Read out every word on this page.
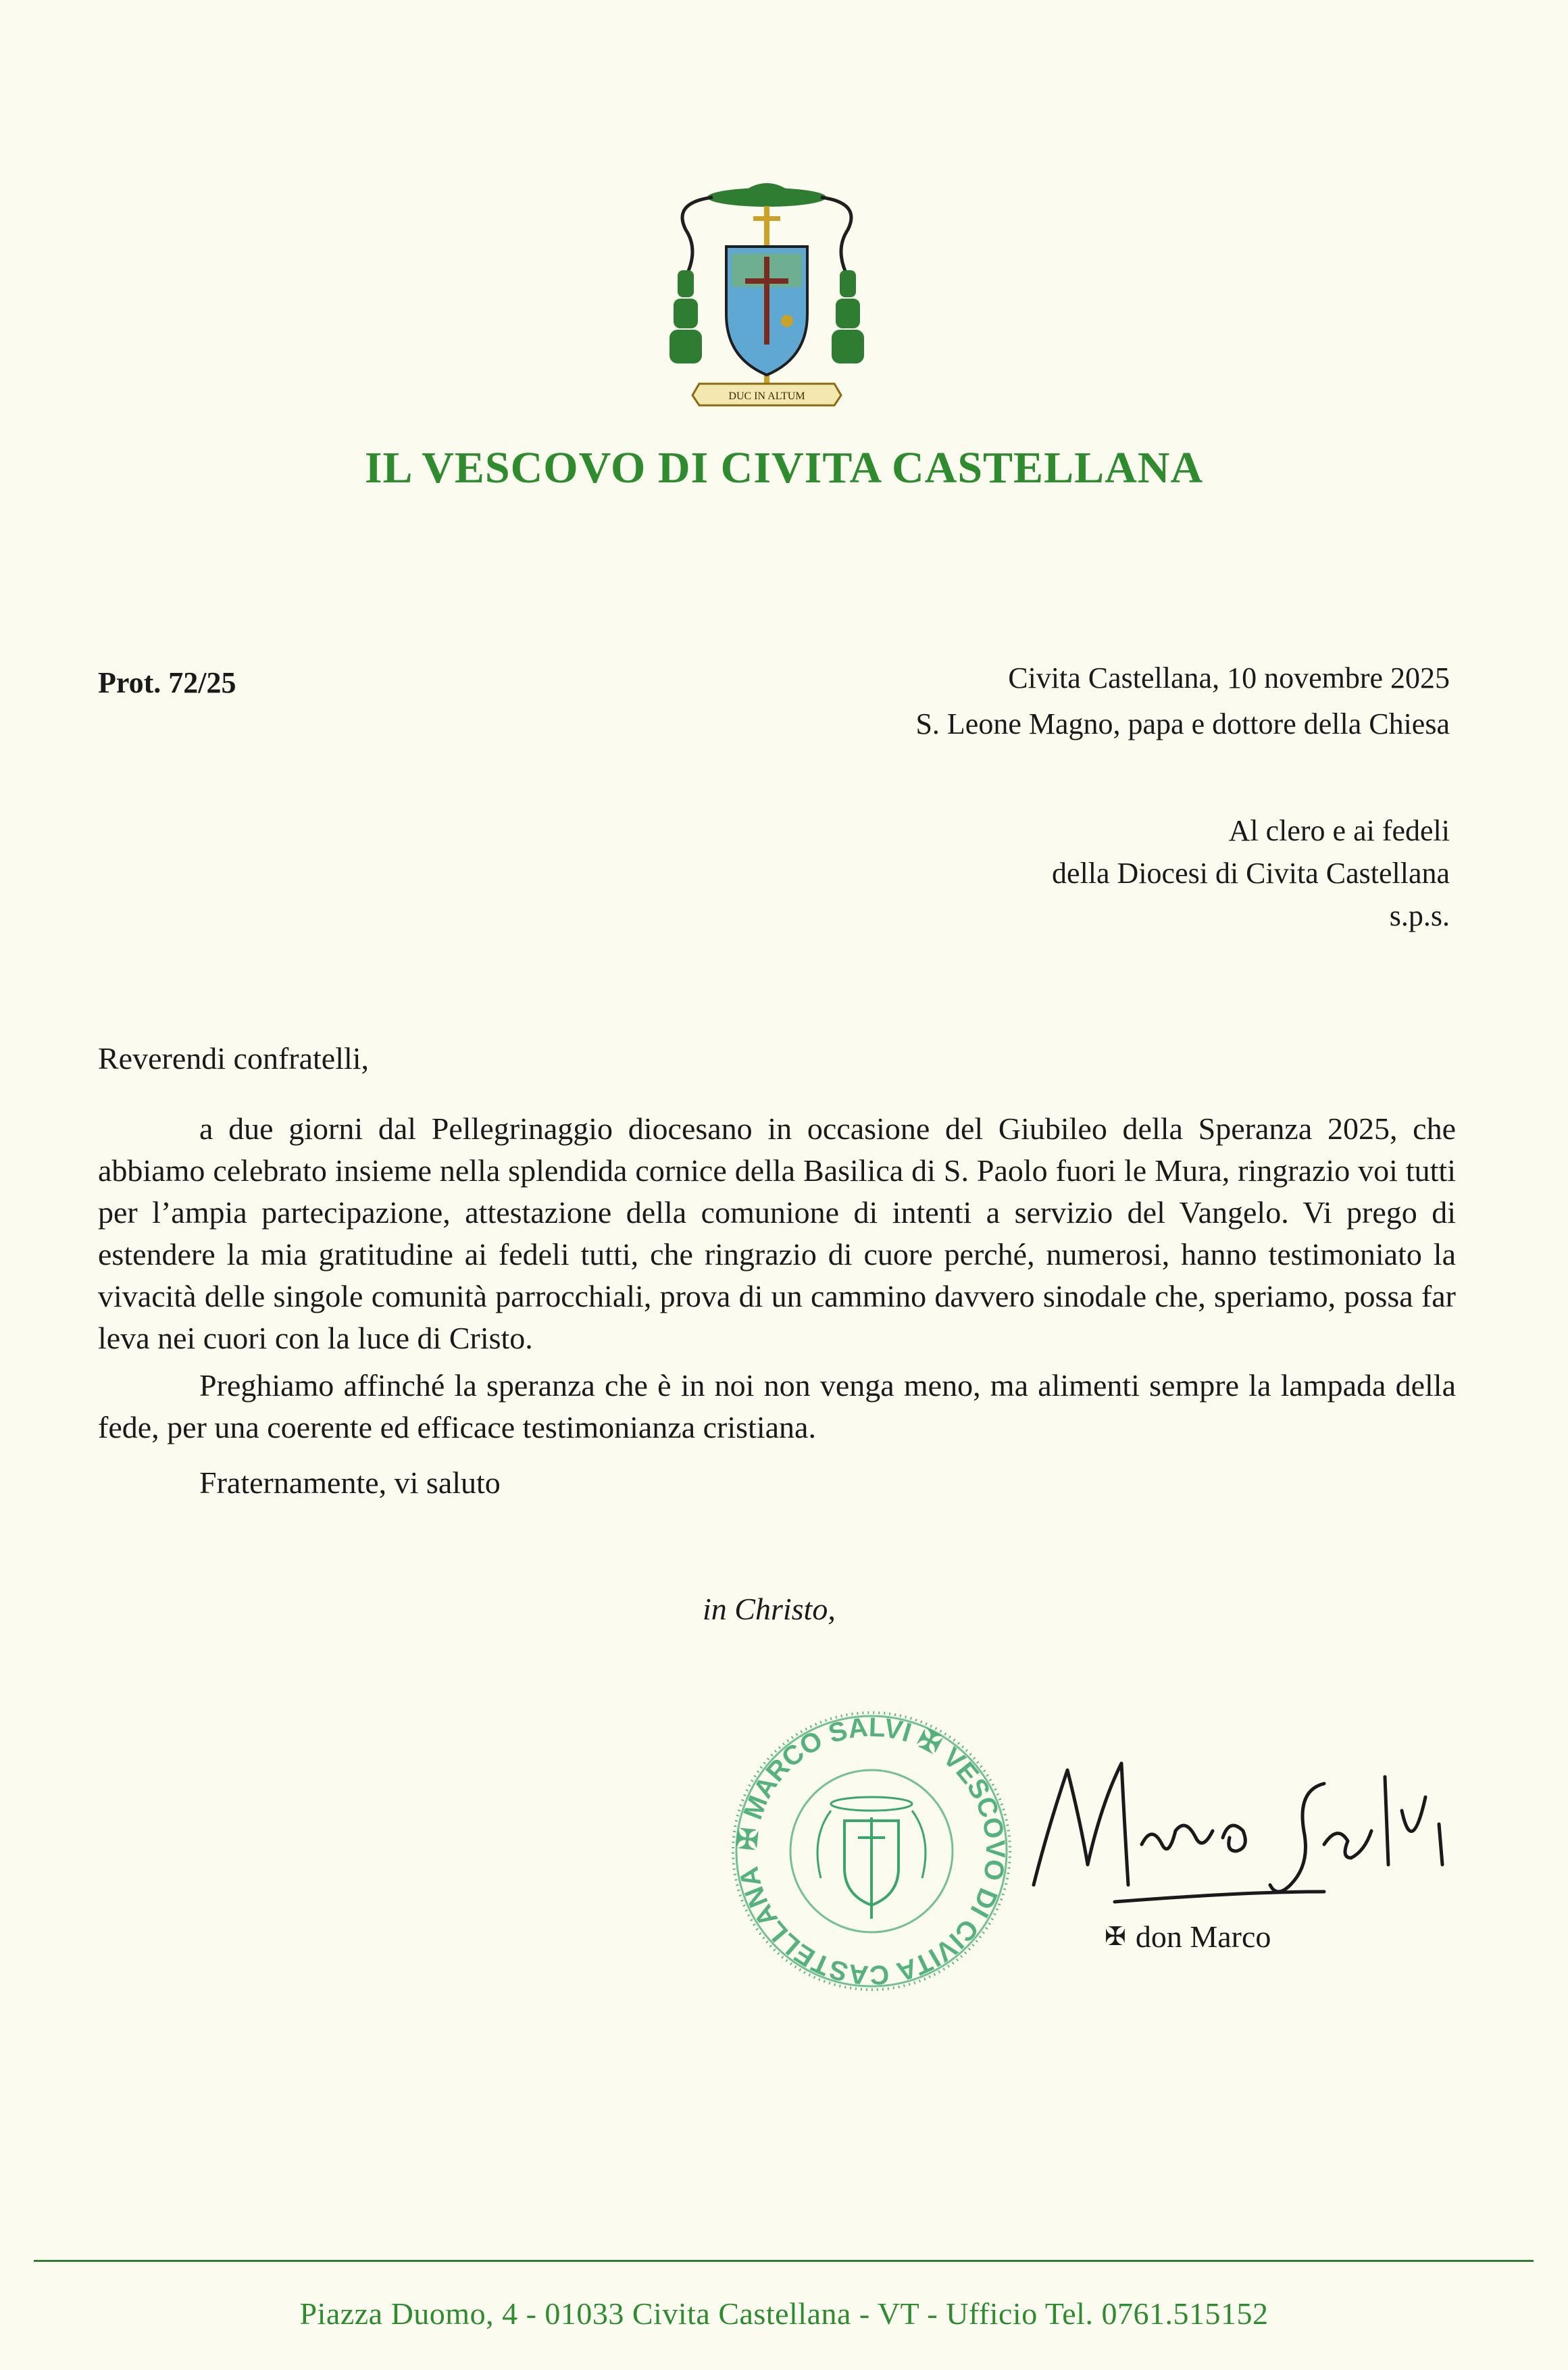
DUC IN ALTUM
IL VESCOVO DI CIVITA CASTELLANA
Prot. 72/25	Civita Castellana, 10 novembre 2025
S. Leone Magno, papa e dottore della Chiesa
Al clero e ai fedeli
della Diocesi di Civita Castellana
s.p.s.
Reverendi confratelli,

a due giorni dal Pellegrinaggio diocesano in occasione del Giubileo della Speranza 2025, che abbiamo celebrato insieme nella splendida cornice della Basilica di S. Paolo fuori le Mura, ringrazio voi tutti per l’ampia partecipazione, attestazione della comunione di intenti a servizio del Vangelo. Vi prego di estendere la mia gratitudine ai fedeli tutti, che ringrazio di cuore perché, numerosi, hanno testimoniato la vivacità delle singole comunità parrocchiali, prova di un cammino davvero sinodale che, speriamo, possa far leva nei cuori con la luce di Cristo.

Preghiamo affinché la speranza che è in noi non venga meno, ma alimenti sempre la lampada della fede, per una coerente ed efficace testimonianza cristiana.

Fraternamente, vi saluto

in Christo,
✠ MARCO SALVI ✠ VESCOVO DI CIVITA CASTELLANA
✠ don Marco
Piazza Duomo, 4 - 01033 Civita Castellana - VT - Ufficio Tel. 0761.515152
